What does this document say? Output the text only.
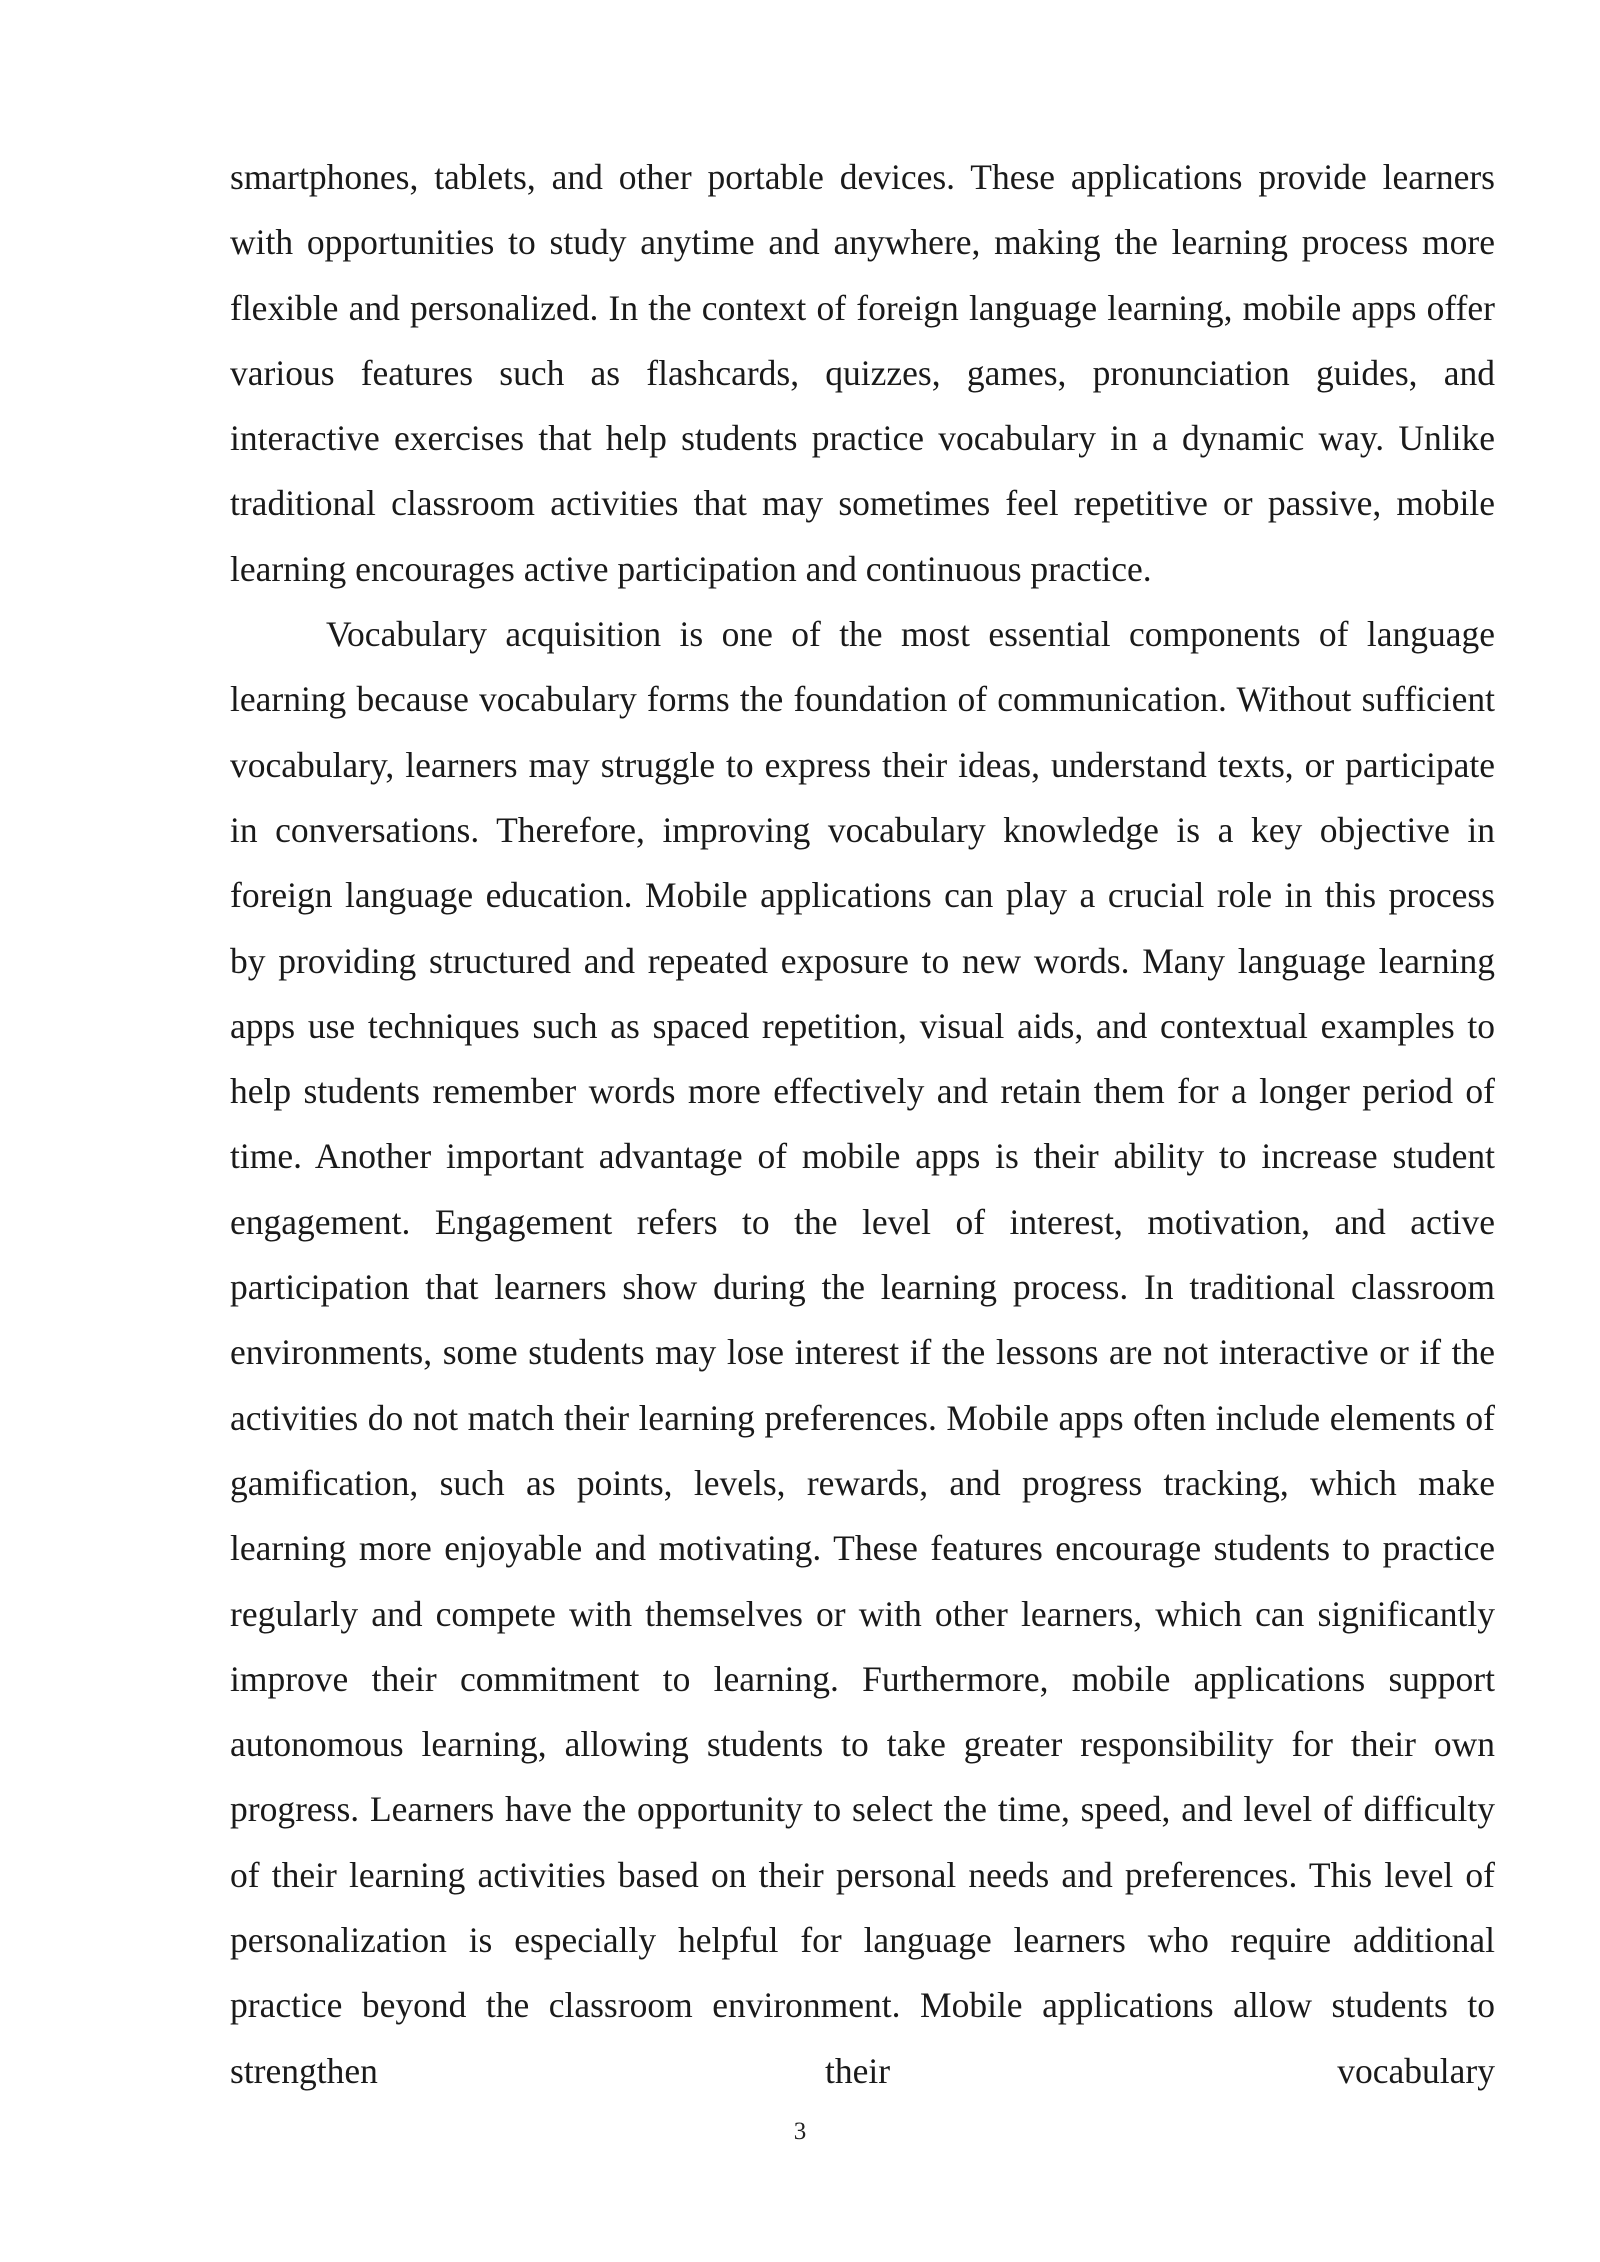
smartphones, tablets, and other portable devices. These applications provide learners with opportunities to study anytime and anywhere, making the learning process more flexible and personalized. In the context of foreign language learning, mobile apps offer various features such as flashcards, quizzes, games, pronunciation guides, and interactive exercises that help students practice vocabulary in a dynamic way. Unlike traditional classroom activities that may sometimes feel repetitive or passive, mobile learning encourages active participation and continuous practice.

Vocabulary acquisition is one of the most essential components of language learning because vocabulary forms the foundation of communication. Without sufficient vocabulary, learners may struggle to express their ideas, understand texts, or participate in conversations. Therefore, improving vocabulary knowledge is a key objective in foreign language education. Mobile applications can play a crucial role in this process by providing structured and repeated exposure to new words. Many language learning apps use techniques such as spaced repetition, visual aids, and contextual examples to help students remember words more effectively and retain them for a longer period of time. Another important advantage of mobile apps is their ability to increase student engagement. Engagement refers to the level of interest, motivation, and active participation that learners show during the learning process. In traditional classroom environments, some students may lose interest if the lessons are not interactive or if the activities do not match their learning preferences. Mobile apps often include elements of gamification, such as points, levels, rewards, and progress tracking, which make learning more enjoyable and motivating. These features encourage students to practice regularly and compete with themselves or with other learners, which can significantly improve their commitment to learning. Furthermore, mobile applications support autonomous learning, allowing students to take greater responsibility for their own progress. Learners have the opportunity to select the time, speed, and level of difficulty of their learning activities based on their personal needs and preferences. This level of personalization is especially helpful for language learners who require additional practice beyond the classroom environment. Mobile applications allow students to strengthen their vocabulary

3
